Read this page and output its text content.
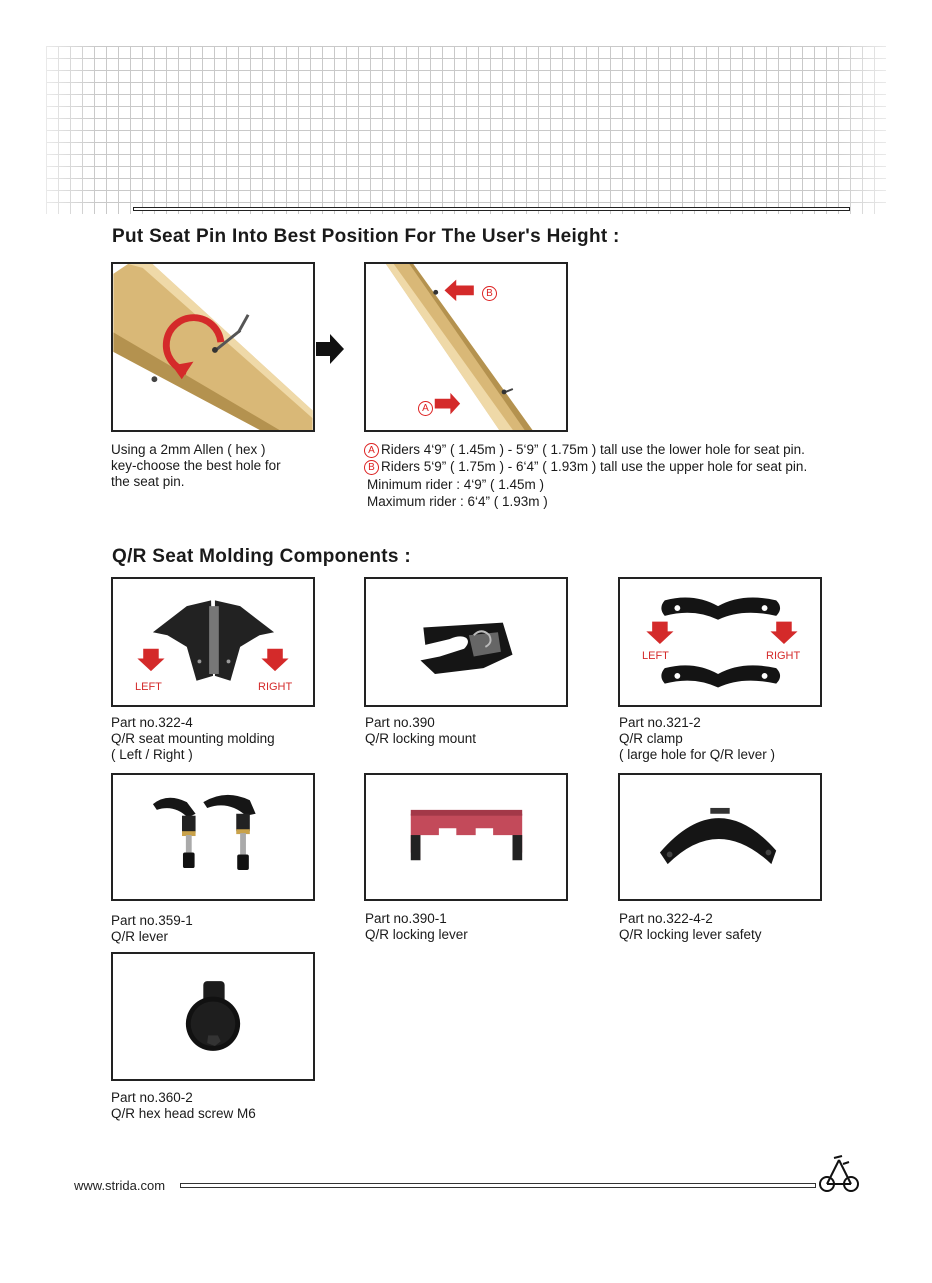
Put Seat Pin Into Best Position For The User's Height :
B
A
Using a 2mm Allen ( hex )
key-choose the best hole for
the seat pin.
A Riders 4‘9” ( 1.45m ) - 5‘9” ( 1.75m ) tall use the lower hole for seat pin.
B Riders 5‘9” ( 1.75m ) - 6‘4” ( 1.93m ) tall use the upper hole for seat pin.
Minimum rider : 4‘9” ( 1.45m )
Maximum rider : 6‘4” ( 1.93m )
Q/R Seat Molding Components :
LEFT	RIGHT
Part no.322-4
Q/R seat mounting molding
( Left / Right )
Part no.390
Q/R locking mount
LEFT	RIGHT
Part no.321-2
Q/R clamp
( large hole for Q/R lever )
Part no.359-1
Q/R lever
Part no.390-1
Q/R locking lever
Part no.322-4-2
Q/R locking lever safety
Part no.360-2
Q/R hex head screw M6
www.strida.com
